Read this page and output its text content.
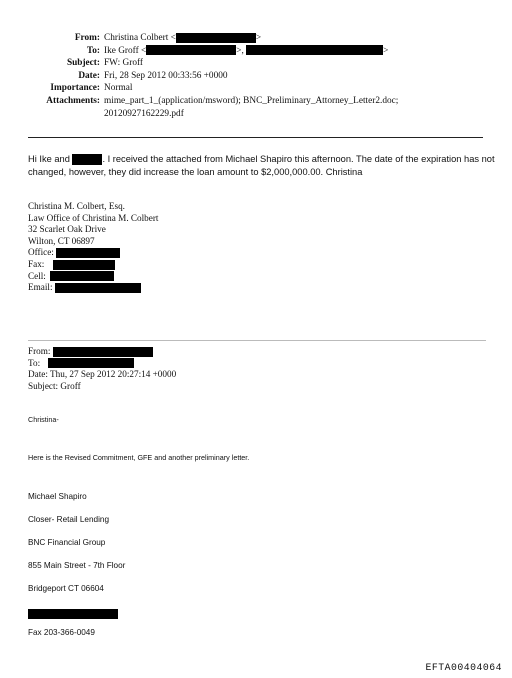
From: Christina Colbert <	>
To: Ike Groff <	>,	>
Subject: FW: Groff
Date: Fri, 28 Sep 2012 00:33:56 +0000
Importance: Normal
Attachments: mime_part_1_(application/msword); BNC_Preliminary_Attorney_Letter2.doc;
20120927162229.pdf
Hi Ike and	. I received the attached from Michael Shapiro this afternoon. The date of the expiration has not changed, however, they did increase the loan amount to $2,000,000.00. Christina
Christina M. Colbert, Esq.
Law Office of Christina M. Colbert
32 Scarlet Oak Drive
Wilton, CT 06897
Office:
Fax:
Cell:
Email:
From:
To:
Date: Thu, 27 Sep 2012 20:27:14 +0000
Subject: Groff
Christina-
Here is the Revised Commitment, GFE and another preliminary letter.
Michael Shapiro
Closer- Retail Lending
BNC Financial Group
855 Main Street - 7th Floor
Bridgeport CT 06604
Fax 203-366-0049
EFTA00404064
